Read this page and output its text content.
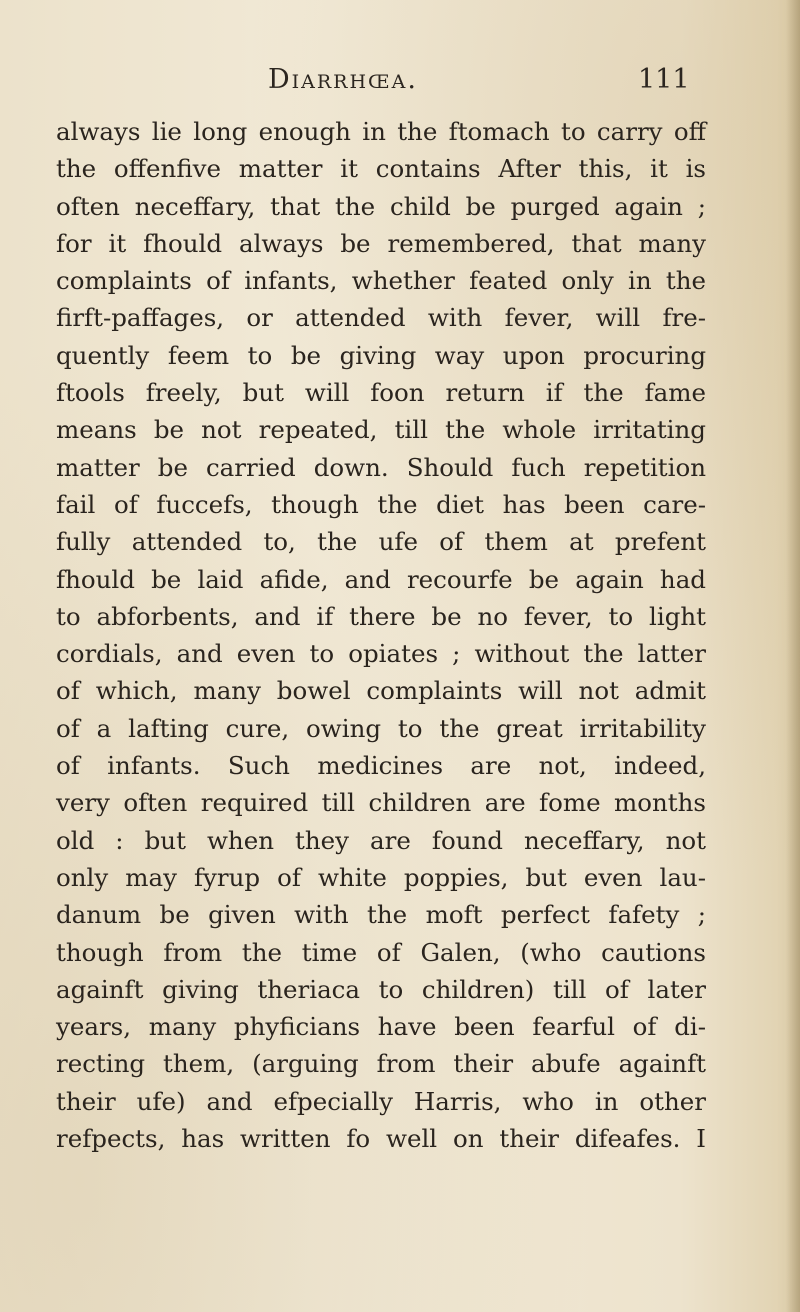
Diarrhœa.	111
always lie long enough in the ftomach to carry off
the offenfive matter it contains After this, it is
often neceffary, that the child be purged again ;
for it fhould always be remembered, that many
complaints of infants, whether feated only in the
firft-paffages, or attended with fever, will fre-
quently feem to be giving way upon procuring
ftools freely, but will foon return if the fame
means be not repeated, till the whole irritating
matter be carried down. Should fuch repetition
fail of fuccefs, though the diet has been care-
fully attended to, the ufe of them at prefent
fhould be laid afide, and recourfe be again had
to abforbents, and if there be no fever, to light
cordials, and even to opiates ; without the latter
of which, many bowel complaints will not admit
of a lafting cure, owing to the great irritability
of infants. Such medicines are not, indeed,
very often required till children are fome months
old : but when they are found neceffary, not
only may fyrup of white poppies, but even lau-
danum be given with the moft perfect fafety ;
though from the time of Galen, (who cautions
againft giving theriaca to children) till of later
years, many phyficians have been fearful of di-
recting them, (arguing from their abufe againft
their ufe) and efpecially Harris, who in other
refpects, has written fo well on their difeafes. I
